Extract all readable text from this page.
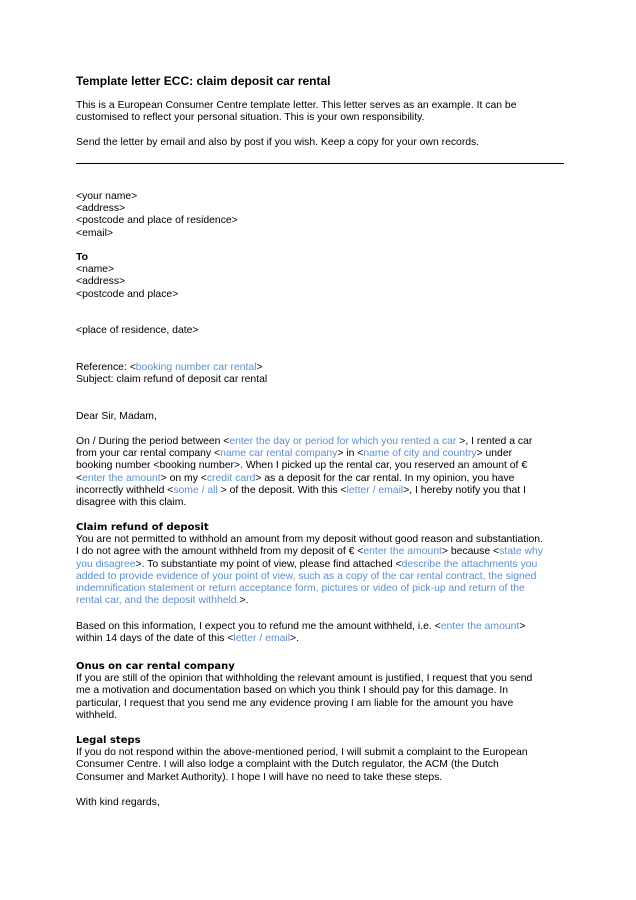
Template letter ECC: claim deposit car rental
This is a European Consumer Centre template letter. This letter serves as an example. It can be
customised to reflect your personal situation. This is your own responsibility.
Send the letter by email and also by post if you wish. Keep a copy for your own records.
<your name>
<address>
<postcode and place of residence>
<email>
To
<name>
<address>
<postcode and place>
<place of residence, date>
Reference: <booking number car rental>
Subject: claim refund of deposit car rental
Dear Sir, Madam,
On / During the period between <enter the day or period for which you rented a car >, I rented a car
from your car rental company <name car rental company> in <name of city and country> under
booking number <booking number>. When I picked up the rental car, you reserved an amount of €
<enter the amount> on my <credit card> as a deposit for the car rental. In my opinion, you have
incorrectly withheld <some / all > of the deposit. With this <letter / email>, I hereby notify you that I
disagree with this claim.
Claim refund of deposit
You are not permitted to withhold an amount from my deposit without good reason and substantiation.
I do not agree with the amount withheld from my deposit of € <enter the amount> because <state why
you disagree>. To substantiate my point of view, please find attached <describe the attachments you
added to provide evidence of your point of view, such as a copy of the car rental contract, the signed
indemnification statement or return acceptance form, pictures or video of pick-up and return of the
rental car, and the deposit withheld.>.
Based on this information, I expect you to refund me the amount withheld, i.e. <enter the amount>
within 14 days of the date of this <letter / email>.
Onus on car rental company
If you are still of the opinion that withholding the relevant amount is justified, I request that you send
me a motivation and documentation based on which you think I should pay for this damage. In
particular, I request that you send me any evidence proving I am liable for the amount you have
withheld.
Legal steps
If you do not respond within the above-mentioned period, I will submit a complaint to the European
Consumer Centre. I will also lodge a complaint with the Dutch regulator, the ACM (the Dutch
Consumer and Market Authority). I hope I will have no need to take these steps.
With kind regards,
